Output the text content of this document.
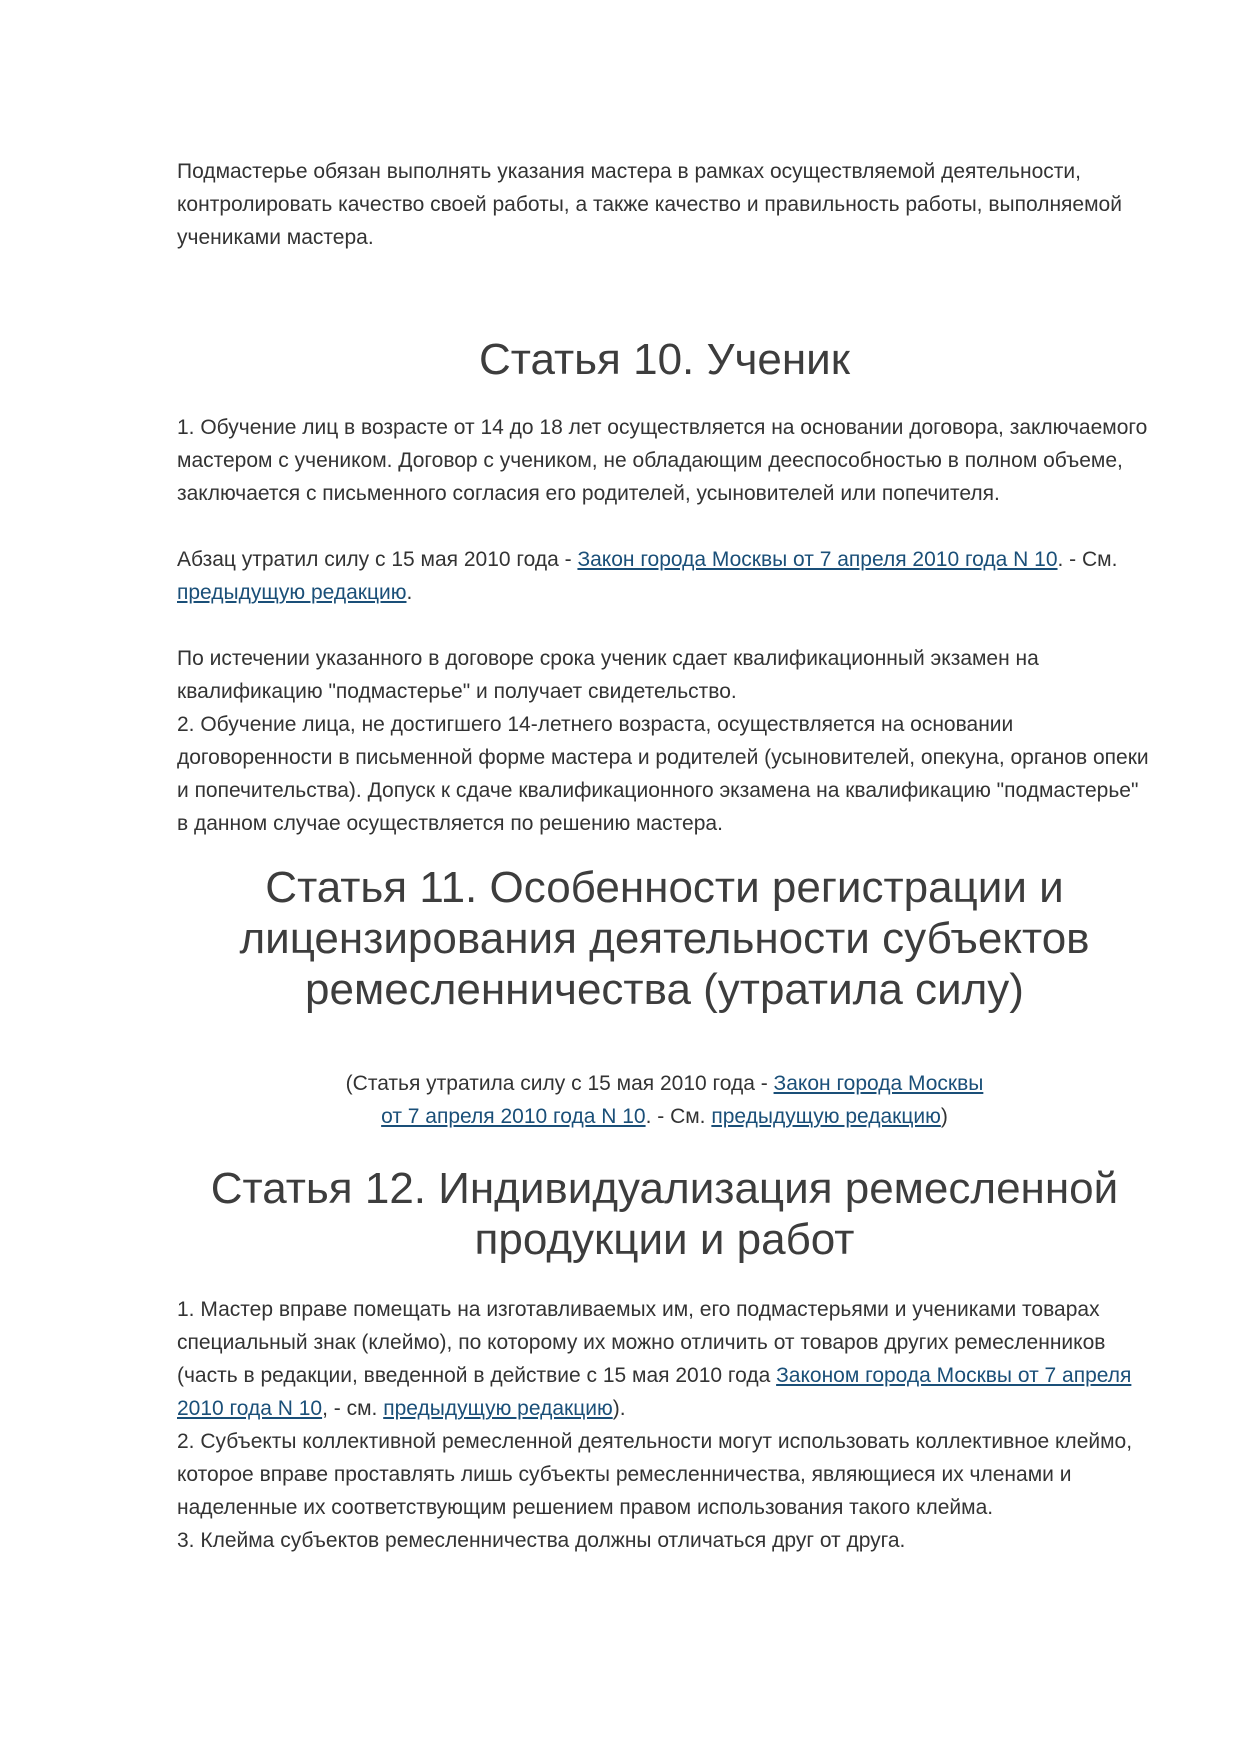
Подмастерье обязан выполнять указания мастера в рамках осуществляемой деятельности, контролировать качество своей работы, а также качество и правильность работы, выполняемой учениками мастера.

Статья 10. Ученик

1. Обучение лиц в возрасте от 14 до 18 лет осуществляется на основании договора, заключаемого мастером с учеником. Договор с учеником, не обладающим дееспособностью в полном объеме, заключается с письменного согласия его родителей, усыновителей или попечителя.

Абзац утратил силу с 15 мая 2010 года - Закон города Москвы от 7 апреля 2010 года N 10. - См. предыдущую редакцию.

По истечении указанного в договоре срока ученик сдает квалификационный экзамен на квалификацию "подмастерье" и получает свидетельство.

2. Обучение лица, не достигшего 14-летнего возраста, осуществляется на основании договоренности в письменной форме мастера и родителей (усыновителей, опекуна, органов опеки и попечительства). Допуск к сдаче квалификационного экзамена на квалификацию "подмастерье" в данном случае осуществляется по решению мастера.

Статья 11. Особенности регистрации и
лицензирования деятельности субъектов
ремесленничества (утратила силу)

(Статья утратила силу с 15 мая 2010 года - Закон города Москвы
от 7 апреля 2010 года N 10. - См. предыдущую редакцию)

Статья 12. Индивидуализация ремесленной
продукции и работ

1. Мастер вправе помещать на изготавливаемых им, его подмастерьями и учениками товарах специальный знак (клеймо), по которому их можно отличить от товаров других ремесленников (часть в редакции, введенной в действие с 15 мая 2010 года Законом города Москвы от 7 апреля 2010 года N 10, - см. предыдущую редакцию).

2. Субъекты коллективной ремесленной деятельности могут использовать коллективное клеймо, которое вправе проставлять лишь субъекты ремесленничества, являющиеся их членами и наделенные их соответствующим решением правом использования такого клейма.

3. Клейма субъектов ремесленничества должны отличаться друг от друга.
